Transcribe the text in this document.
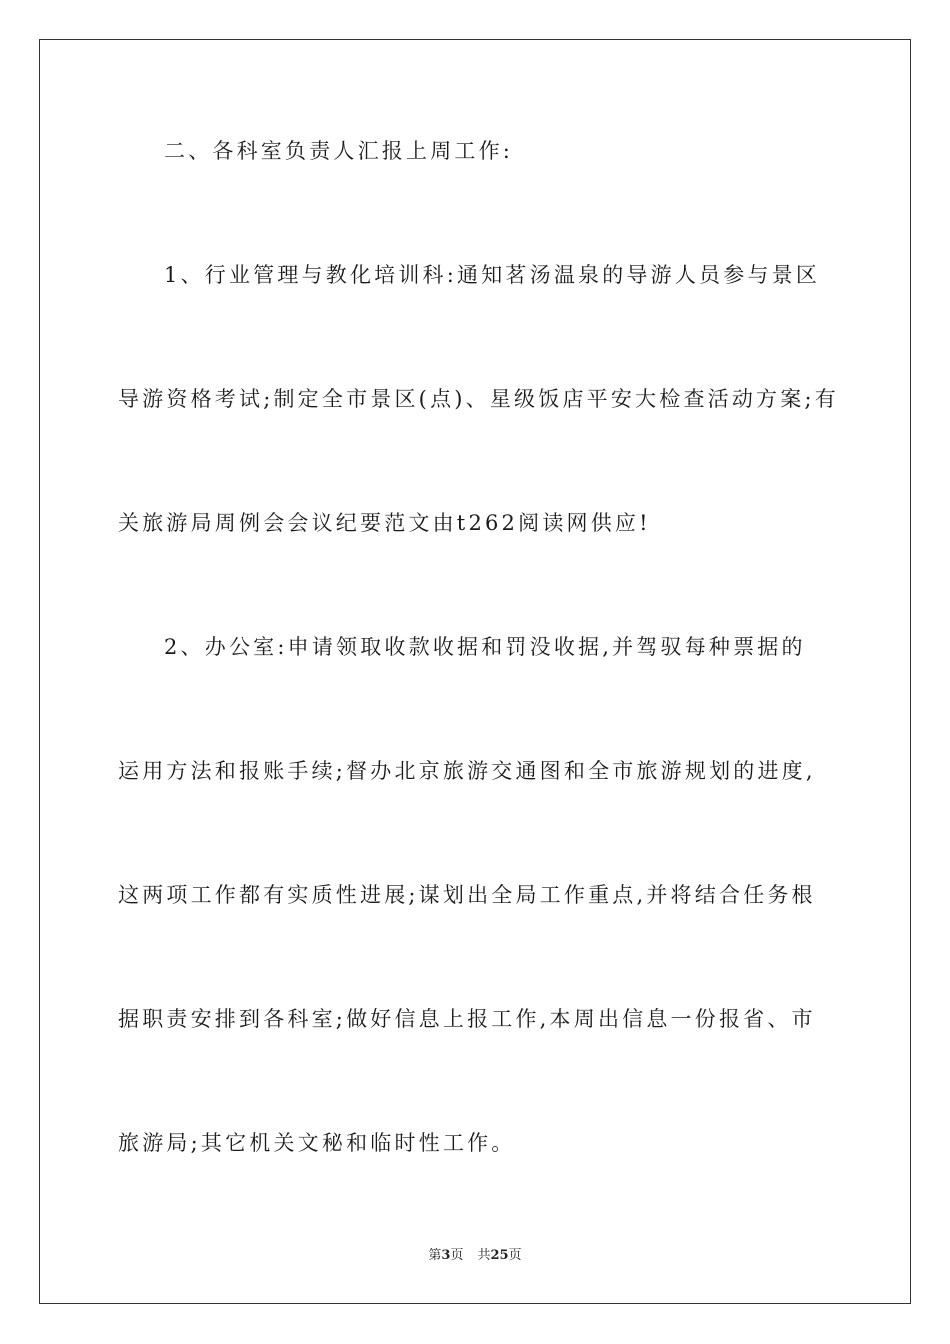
二、各科室负责人汇报上周工作:
1、行业管理与教化培训科:通知茗汤温泉的导游人员参与景区
导游资格考试;制定全市景区(点)、星级饭店平安大检查活动方案;有
关旅游局周例会会议纪要范文由t262阅读网供应!
2、办公室:申请领取收款收据和罚没收据,并驾驭每种票据的
运用方法和报账手续;督办北京旅游交通图和全市旅游规划的进度,
这两项工作都有实质性进展;谋划出全局工作重点,并将结合任务根
据职责安排到各科室;做好信息上报工作,本周出信息一份报省、市
旅游局;其它机关文秘和临时性工作。
第3页 共25页
